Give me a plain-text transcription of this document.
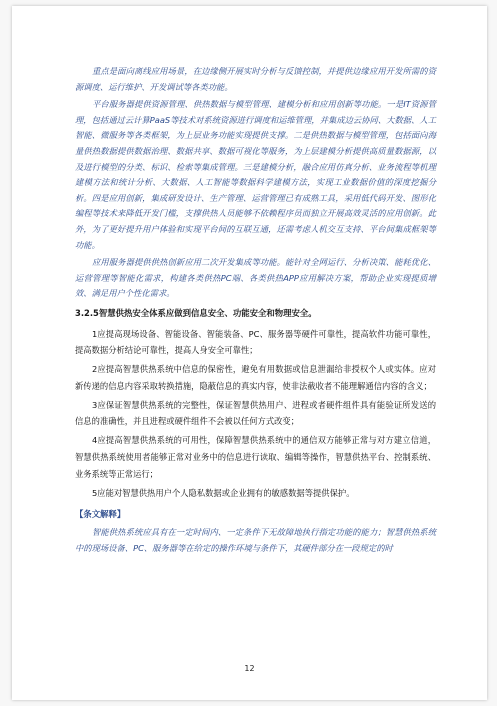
重点是面向离线应用场景，在边缘侧开展实时分析与反馈控制，并提供边缘应用开发所需的资源调度、运行维护、开发调试等各类功能。

平台服务器提供资源管理、供热数据与模型管理、建模分析和应用创新等功能。一是IT资源管理，包括通过云计算PaaS等技术对系统资源进行调度和运维管理，并集成边云协同、大数据、人工智能、微服务等各类框架，为上层业务功能实现提供支撑。二是供热数据与模型管理，包括面向海量供热数据提供数据治理、数据共享、数据可视化等服务，为上层建模分析提供高质量数据源，以及进行模型的分类、标识、检索等集成管理。三是建模分析，融合应用仿真分析、业务流程等机理建模方法和统计分析、大数据、人工智能等数据科学建模方法，实现工业数据价值的深度挖掘分析。四是应用创新，集成研发设计、生产管理、运营管理已有成熟工具，采用低代码开发、图形化编程等技术来降低开发门槛，支撑供热人员能够不依赖程序员而独立开展高效灵活的应用创新。此外，为了更好提升用户体验和实现平台间的互联互通，还需考虑人机交互支持、平台间集成框架等功能。

应用服务器提供供热创新应用二次开发集成等功能。能针对全网运行、分析决策、能耗优化、运营管理等智能化需求，构建各类供热PC端、各类供热APP应用解决方案，帮助企业实现提质增效、满足用户个性化需求。

3.2.5智慧供热安全体系应做到信息安全、功能安全和物理安全。

1应提高现场设备、智能设备、智能装备、PC、服务器等硬件可靠性，提高软件功能可靠性，提高数据分析结论可靠性，提高人身安全可靠性；

2应提高智慧供热系统中信息的保密性，避免有用数据或信息泄漏给非授权个人或实体。应对新传递的信息内容采取转换措施，隐蔽信息的真实内容，使非法截收者不能理解通信内容的含义；

3应保证智慧供热系统的完整性，保证智慧供热用户、进程或者硬件组件具有能验证所发送的信息的准确性，并且进程或硬件组件不会被以任何方式改变；

4应提高智慧供热系统的可用性，保障智慧供热系统中的通信双方能够正常与对方建立信道，智慧供热系统使用者能够正常对业务中的信息进行读取、编辑等操作，智慧供热平台、控制系统、业务系统等正常运行；

5应能对智慧供热用户个人隐私数据或企业拥有的敏感数据等提供保护。

【条文解释】

智能供热系统应具有在一定时间内、一定条件下无故障地执行指定功能的能力；智慧供热系统中的现场设备、PC、服务器等在给定的操作环境与条件下，其硬件部分在一段规定的时

12
